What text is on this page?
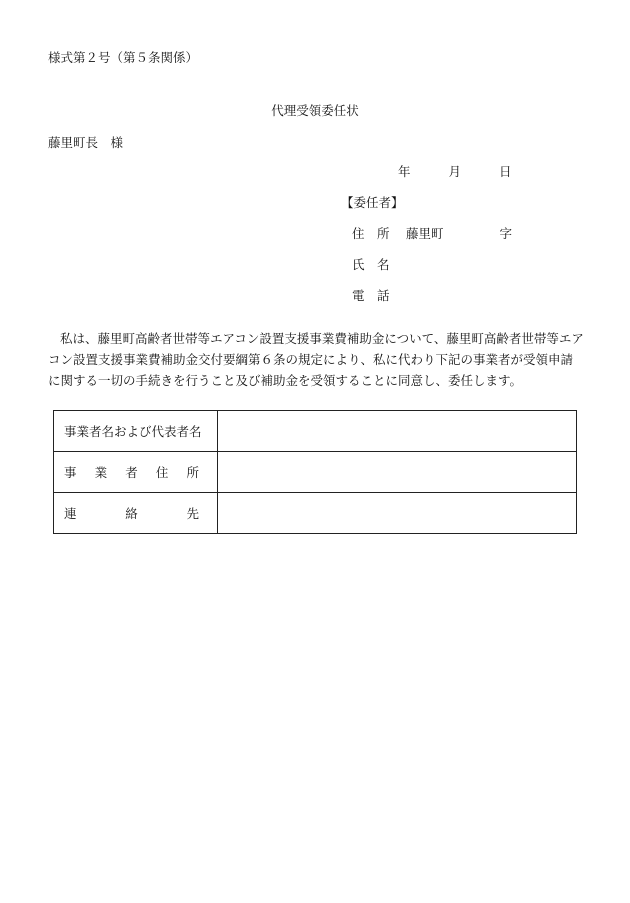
様式第２号（第５条関係）
代理受領委任状
藤里町長　様
年	月	日
【委任者】
住　所 藤里町	字
氏　名
電　話
私は、藤里町高齢者世帯等エアコン設置支援事業費補助金について、藤里町高齢者世帯等エアコン設置支援事業費補助金交付要綱第６条の規定により、私に代わり下記の事業者が受領申請に関する一切の手続きを行うこと及び補助金を受領することに同意し、委任します。
事業者名および代表者名	

事 業 者 住 所	

連 絡 先	
